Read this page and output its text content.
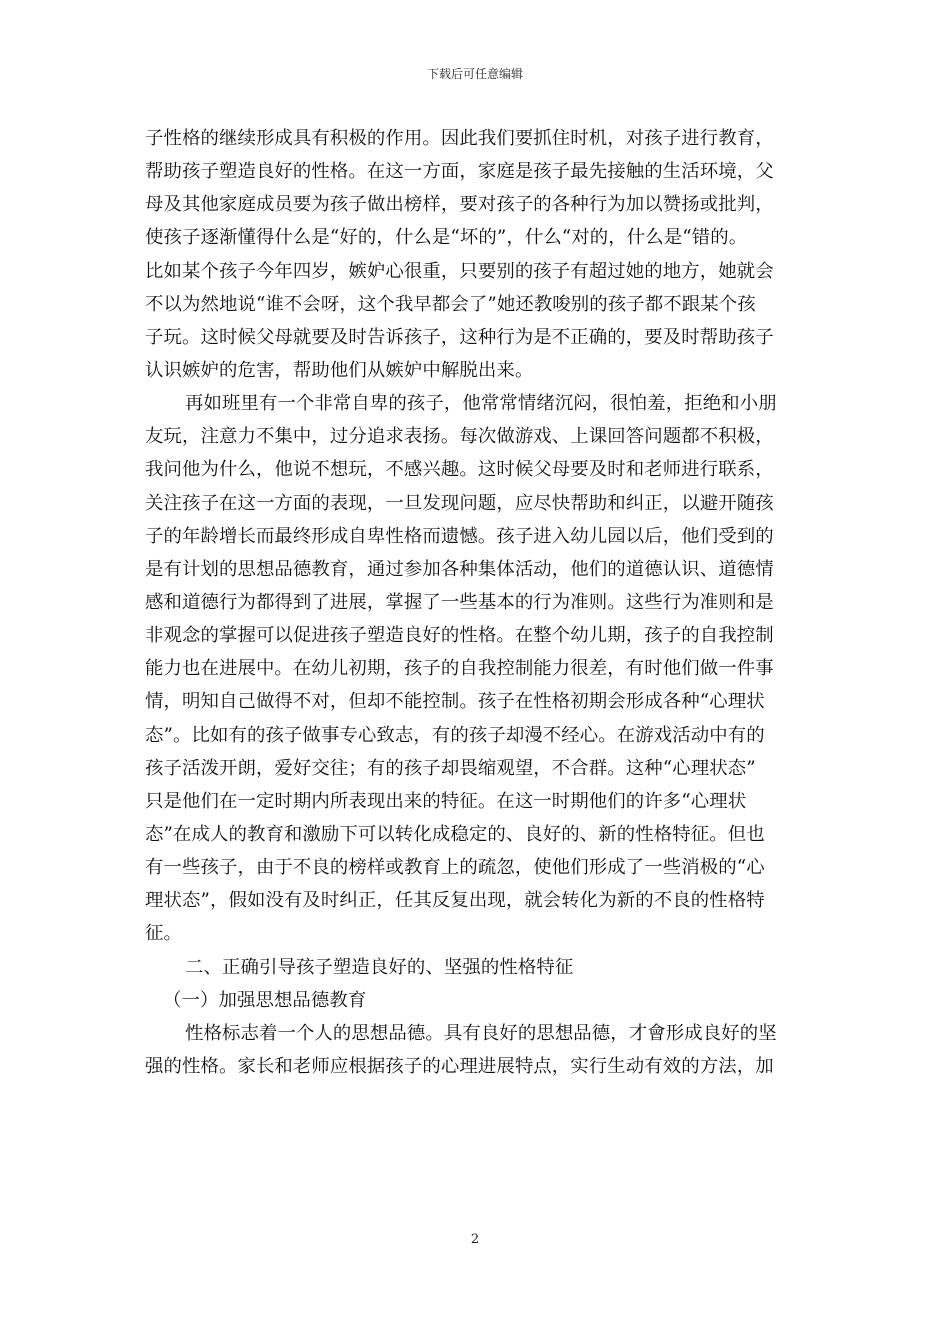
下载后可任意编辑
子性格的继续形成具有积极的作用。因此我们要抓住时机，对孩子进行教育，
帮助孩子塑造良好的性格。在这一方面，家庭是孩子最先接触的生活环境，父
母及其他家庭成员要为孩子做出榜样，要对孩子的各种行为加以赞扬或批判，
使孩子逐渐懂得什么是“好的，什么是“坏的”，什么“对的，什么是“错的。
比如某个孩子今年四岁，嫉妒心很重，只要别的孩子有超过她的地方，她就会
不以为然地说“谁不会呀，这个我早都会了”她还教唆别的孩子都不跟某个孩
子玩。这时候父母就要及时告诉孩子，这种行为是不正确的，要及时帮助孩子
认识嫉妒的危害，帮助他们从嫉妒中解脱出来。
再如班里有一个非常自卑的孩子，他常常情绪沉闷，很怕羞，拒绝和小朋
友玩，注意力不集中，过分追求表扬。每次做游戏、上课回答问题都不积极，
我问他为什么，他说不想玩，不感兴趣。这时候父母要及时和老师进行联系，
关注孩子在这一方面的表现，一旦发现问题，应尽快帮助和纠正，以避开随孩
子的年龄增长而最终形成自卑性格而遗憾。孩子进入幼儿园以后，他们受到的
是有计划的思想品德教育，通过参加各种集体活动，他们的道德认识、道德情
感和道德行为都得到了进展，掌握了一些基本的行为准则。这些行为准则和是
非观念的掌握可以促进孩子塑造良好的性格。在整个幼儿期，孩子的自我控制
能力也在进展中。在幼儿初期，孩子的自我控制能力很差，有时他们做一件事
情，明知自己做得不对，但却不能控制。孩子在性格初期会形成各种“心理状
态”。比如有的孩子做事专心致志，有的孩子却漫不经心。在游戏活动中有的
孩子活泼开朗，爱好交往；有的孩子却畏缩观望，不合群。这种“心理状态”
只是他们在一定时期内所表现出来的特征。在这一时期他们的许多“心理状
态”在成人的教育和激励下可以转化成稳定的、良好的、新的性格特征。但也
有一些孩子，由于不良的榜样或教育上的疏忽，使他们形成了一些消极的“心
理状态”，假如没有及时纠正，任其反复出现，就会转化为新的不良的性格特
征。
二、正确引导孩子塑造良好的、坚强的性格特征
（一）加强思想品德教育
性格标志着一个人的思想品德。具有良好的思想品德，才會形成良好的坚
强的性格。家长和老师应根据孩子的心理进展特点，实行生动有效的方法，加
2
